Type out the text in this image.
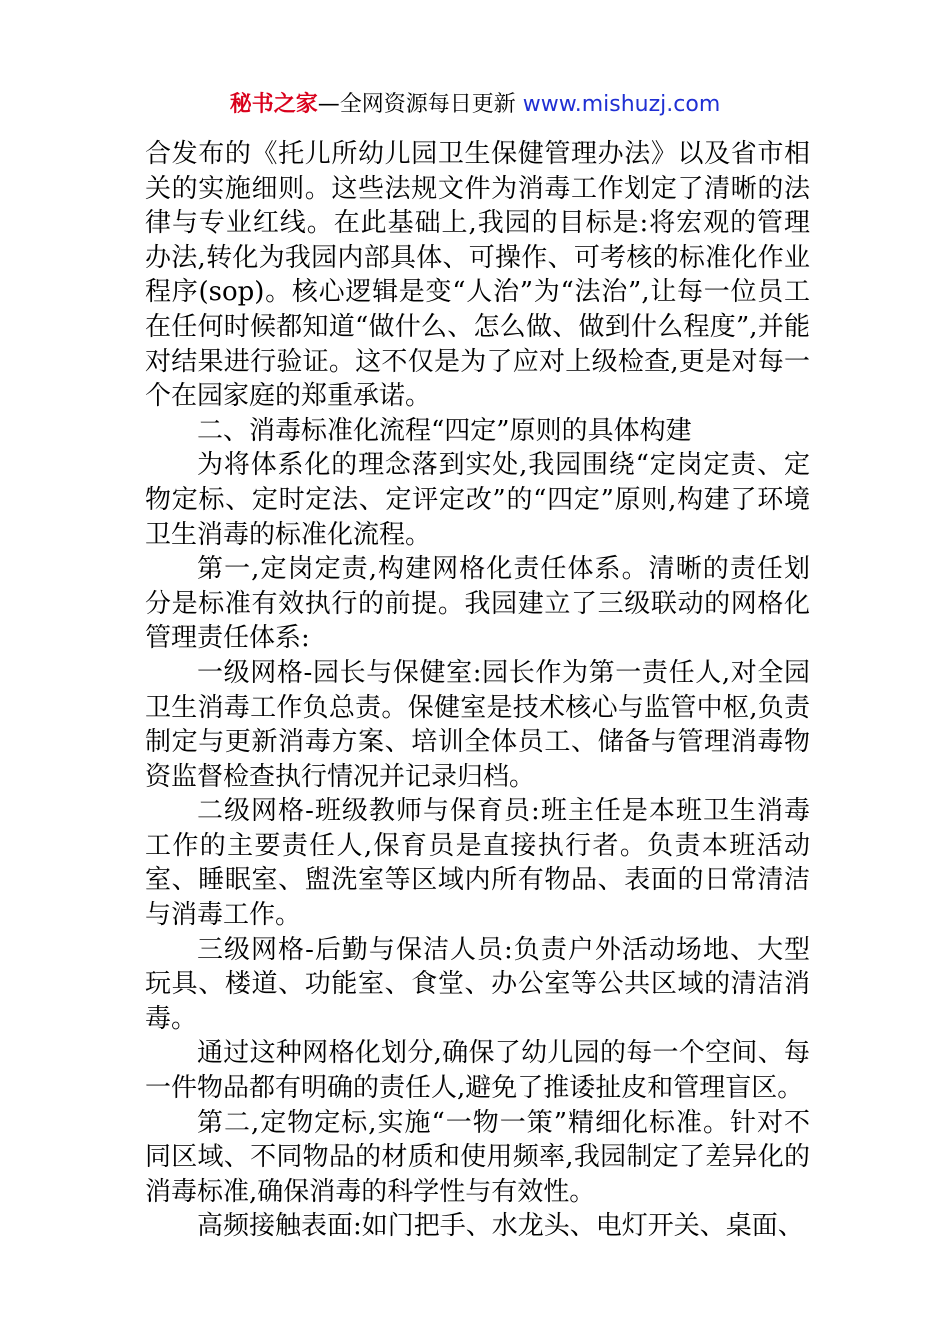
秘书之家—全网资源每日更新 www.mishuzj.com

合发布的《托儿所幼儿园卫生保健管理办法》以及省市相关的实施细则。这些法规文件为消毒工作划定了清晰的法律与专业红线。在此基础上,我园的目标是:将宏观的管理办法,转化为我园内部具体、可操作、可考核的标准化作业程序(sop)。核心逻辑是变“人治”为“法治”,让每一位员工在任何时候都知道“做什么、怎么做、做到什么程度”,并能对结果进行验证。这不仅是为了应对上级检查,更是对每一个在园家庭的郑重承诺。

二、消毒标准化流程“四定”原则的具体构建

为将体系化的理念落到实处,我园围绕“定岗定责、定物定标、定时定法、定评定改”的“四定”原则,构建了环境卫生消毒的标准化流程。

第一,定岗定责,构建网格化责任体系。清晰的责任划分是标准有效执行的前提。我园建立了三级联动的网格化管理责任体系:

一级网格-园长与保健室:园长作为第一责任人,对全园卫生消毒工作负总责。保健室是技术核心与监管中枢,负责制定与更新消毒方案、培训全体员工、储备与管理消毒物资监督检查执行情况并记录归档。

二级网格-班级教师与保育员:班主任是本班卫生消毒工作的主要责任人,保育员是直接执行者。负责本班活动室、睡眠室、盥洗室等区域内所有物品、表面的日常清洁与消毒工作。

三级网格-后勤与保洁人员:负责户外活动场地、大型玩具、楼道、功能室、食堂、办公室等公共区域的清洁消毒。

通过这种网格化划分,确保了幼儿园的每一个空间、每一件物品都有明确的责任人,避免了推诿扯皮和管理盲区。

第二,定物定标,实施“一物一策”精细化标准。针对不同区域、不同物品的材质和使用频率,我园制定了差异化的消毒标准,确保消毒的科学性与有效性。

高频接触表面:如门把手、水龙头、电灯开关、桌面、
